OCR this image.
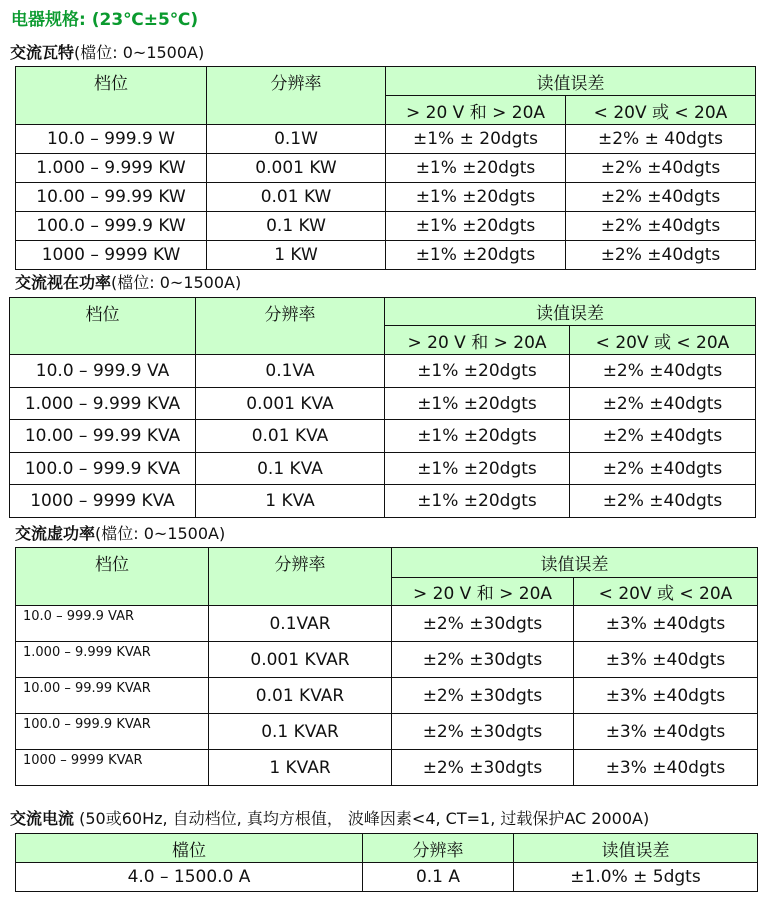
电器规格: (23℃±5℃)
交流瓦特(檔位: 0~1500A)
档位	分辨率	读值误差	
		> 20 V 和 > 20A	< 20V 或 < 20A
10.0 – 999.9 W	0.1W	±1% ± 20dgts	±2% ± 40dgts
1.000 – 9.999 KW	0.001 KW	±1% ±20dgts	±2% ±40dgts
10.00 – 99.99 KW	0.01 KW	±1% ±20dgts	±2% ±40dgts
100.0 – 999.9 KW	0.1 KW	±1% ±20dgts	±2% ±40dgts
1000 – 9999 KW	1 KW	±1% ±20dgts	±2% ±40dgts
交流视在功率(檔位: 0~1500A)
档位	分辨率	读值误差	
		> 20 V 和 > 20A	< 20V 或 < 20A
10.0 – 999.9 VA	0.1VA	±1% ±20dgts	±2% ±40dgts
1.000 – 9.999 KVA	0.001 KVA	±1% ±20dgts	±2% ±40dgts
10.00 – 99.99 KVA	0.01 KVA	±1% ±20dgts	±2% ±40dgts
100.0 – 999.9 KVA	0.1 KVA	±1% ±20dgts	±2% ±40dgts
1000 – 9999 KVA	1 KVA	±1% ±20dgts	±2% ±40dgts
交流虚功率(檔位: 0~1500A)
档位	分辨率	读值误差	
		> 20 V 和 > 20A	< 20V 或 < 20A
10.0 – 999.9 VAR	0.1VAR	±2% ±30dgts	±3% ±40dgts
1.000 – 9.999 KVAR	0.001 KVAR	±2% ±30dgts	±3% ±40dgts
10.00 – 99.99 KVAR	0.01 KVAR	±2% ±30dgts	±3% ±40dgts
100.0 – 999.9 KVAR	0.1 KVAR	±2% ±30dgts	±3% ±40dgts
1000 – 9999 KVAR	1 KVAR	±2% ±30dgts	±3% ±40dgts
交流电流 (50或60Hz, 自动档位, 真均方根值， 波峰因素<4, CT=1, 过载保护AC 2000A)
檔位	分辨率	读值误差
4.0 – 1500.0 A	0.1 A	±1.0% ± 5dgts
